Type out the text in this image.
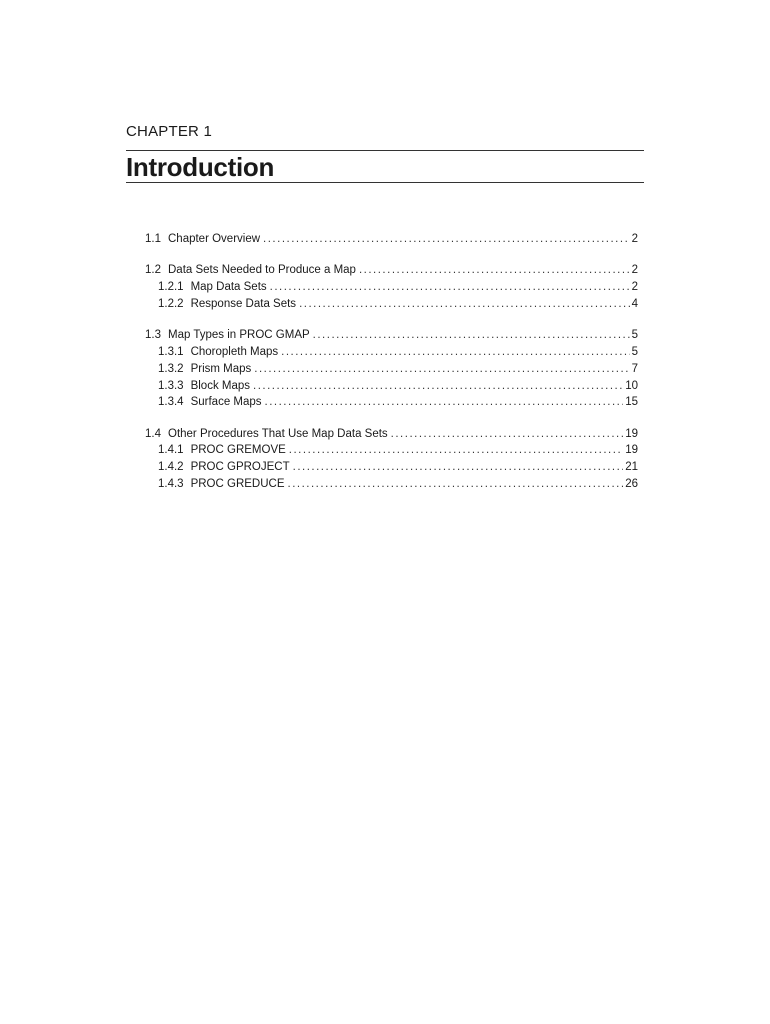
CHAPTER 1
Introduction
1.1 Chapter Overview .....	2
1.2 Data Sets Needed to Produce a Map .....	2
1.2.1 Map Data Sets .....	2
1.2.2 Response Data Sets .....	4
1.3 Map Types in PROC GMAP .....	5
1.3.1 Choropleth Maps .....	5
1.3.2 Prism Maps .....	7
1.3.3 Block Maps .....	10
1.3.4 Surface Maps .....	15
1.4 Other Procedures That Use Map Data Sets .....	19
1.4.1 PROC GREMOVE .....	19
1.4.2 PROC GPROJECT .....	21
1.4.3 PROC GREDUCE .....	26
